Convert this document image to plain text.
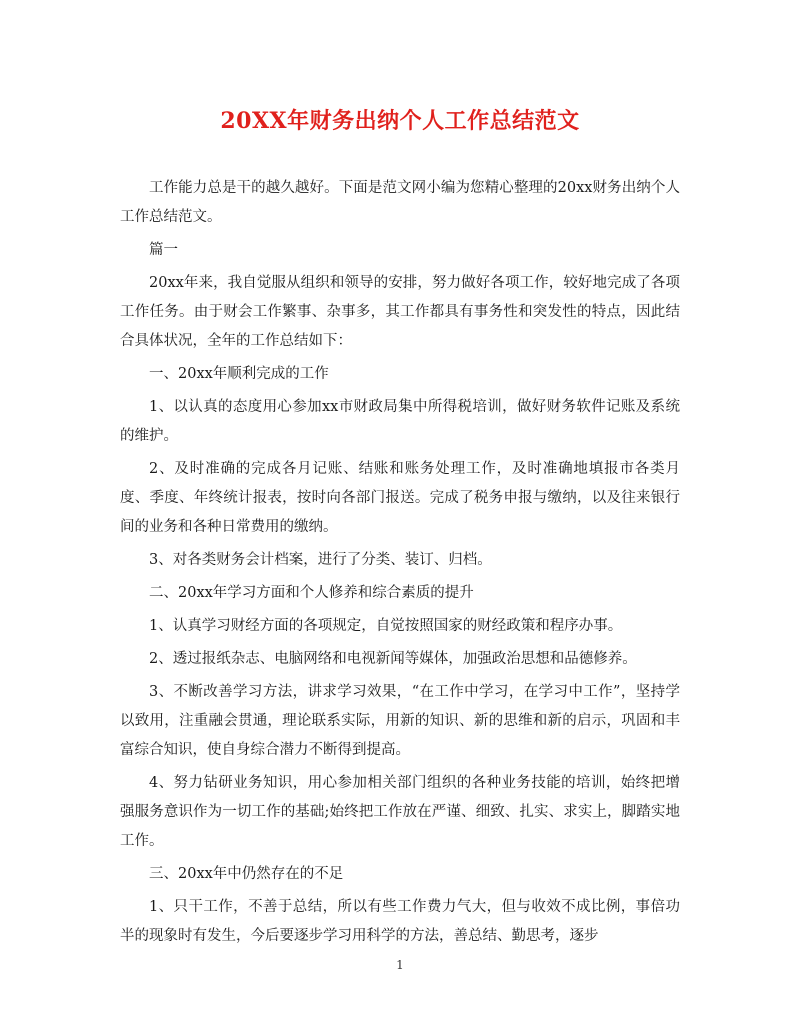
20XX年财务出纳个人工作总结范文

工作能力总是干的越久越好。下面是范文网小编为您精心整理的20xx财务出纳个人工作总结范文。

篇一

20xx年来，我自觉服从组织和领导的安排，努力做好各项工作，较好地完成了各项工作任务。由于财会工作繁事、杂事多，其工作都具有事务性和突发性的特点，因此结合具体状况，全年的工作总结如下：

一、20xx年顺利完成的工作

1、以认真的态度用心参加xx市财政局集中所得税培训，做好财务软件记账及系统的维护。

2、及时准确的完成各月记账、结账和账务处理工作，及时准确地填报市各类月度、季度、年终统计报表，按时向各部门报送。完成了税务申报与缴纳，以及往来银行间的业务和各种日常费用的缴纳。

3、对各类财务会计档案，进行了分类、装订、归档。

二、20xx年学习方面和个人修养和综合素质的提升

1、认真学习财经方面的各项规定，自觉按照国家的财经政策和程序办事。

2、透过报纸杂志、电脑网络和电视新闻等媒体，加强政治思想和品德修养。

3、不断改善学习方法，讲求学习效果，“在工作中学习，在学习中工作”，坚持学以致用，注重融会贯通，理论联系实际，用新的知识、新的思维和新的启示，巩固和丰富综合知识，使自身综合潜力不断得到提高。

4、努力钻研业务知识，用心参加相关部门组织的各种业务技能的培训，始终把增强服务意识作为一切工作的基础;始终把工作放在严谨、细致、扎实、求实上，脚踏实地工作。

三、20xx年中仍然存在的不足

1、只干工作，不善于总结，所以有些工作费力气大，但与收效不成比例，事倍功半的现象时有发生，今后要逐步学习用科学的方法，善总结、勤思考，逐步

1
